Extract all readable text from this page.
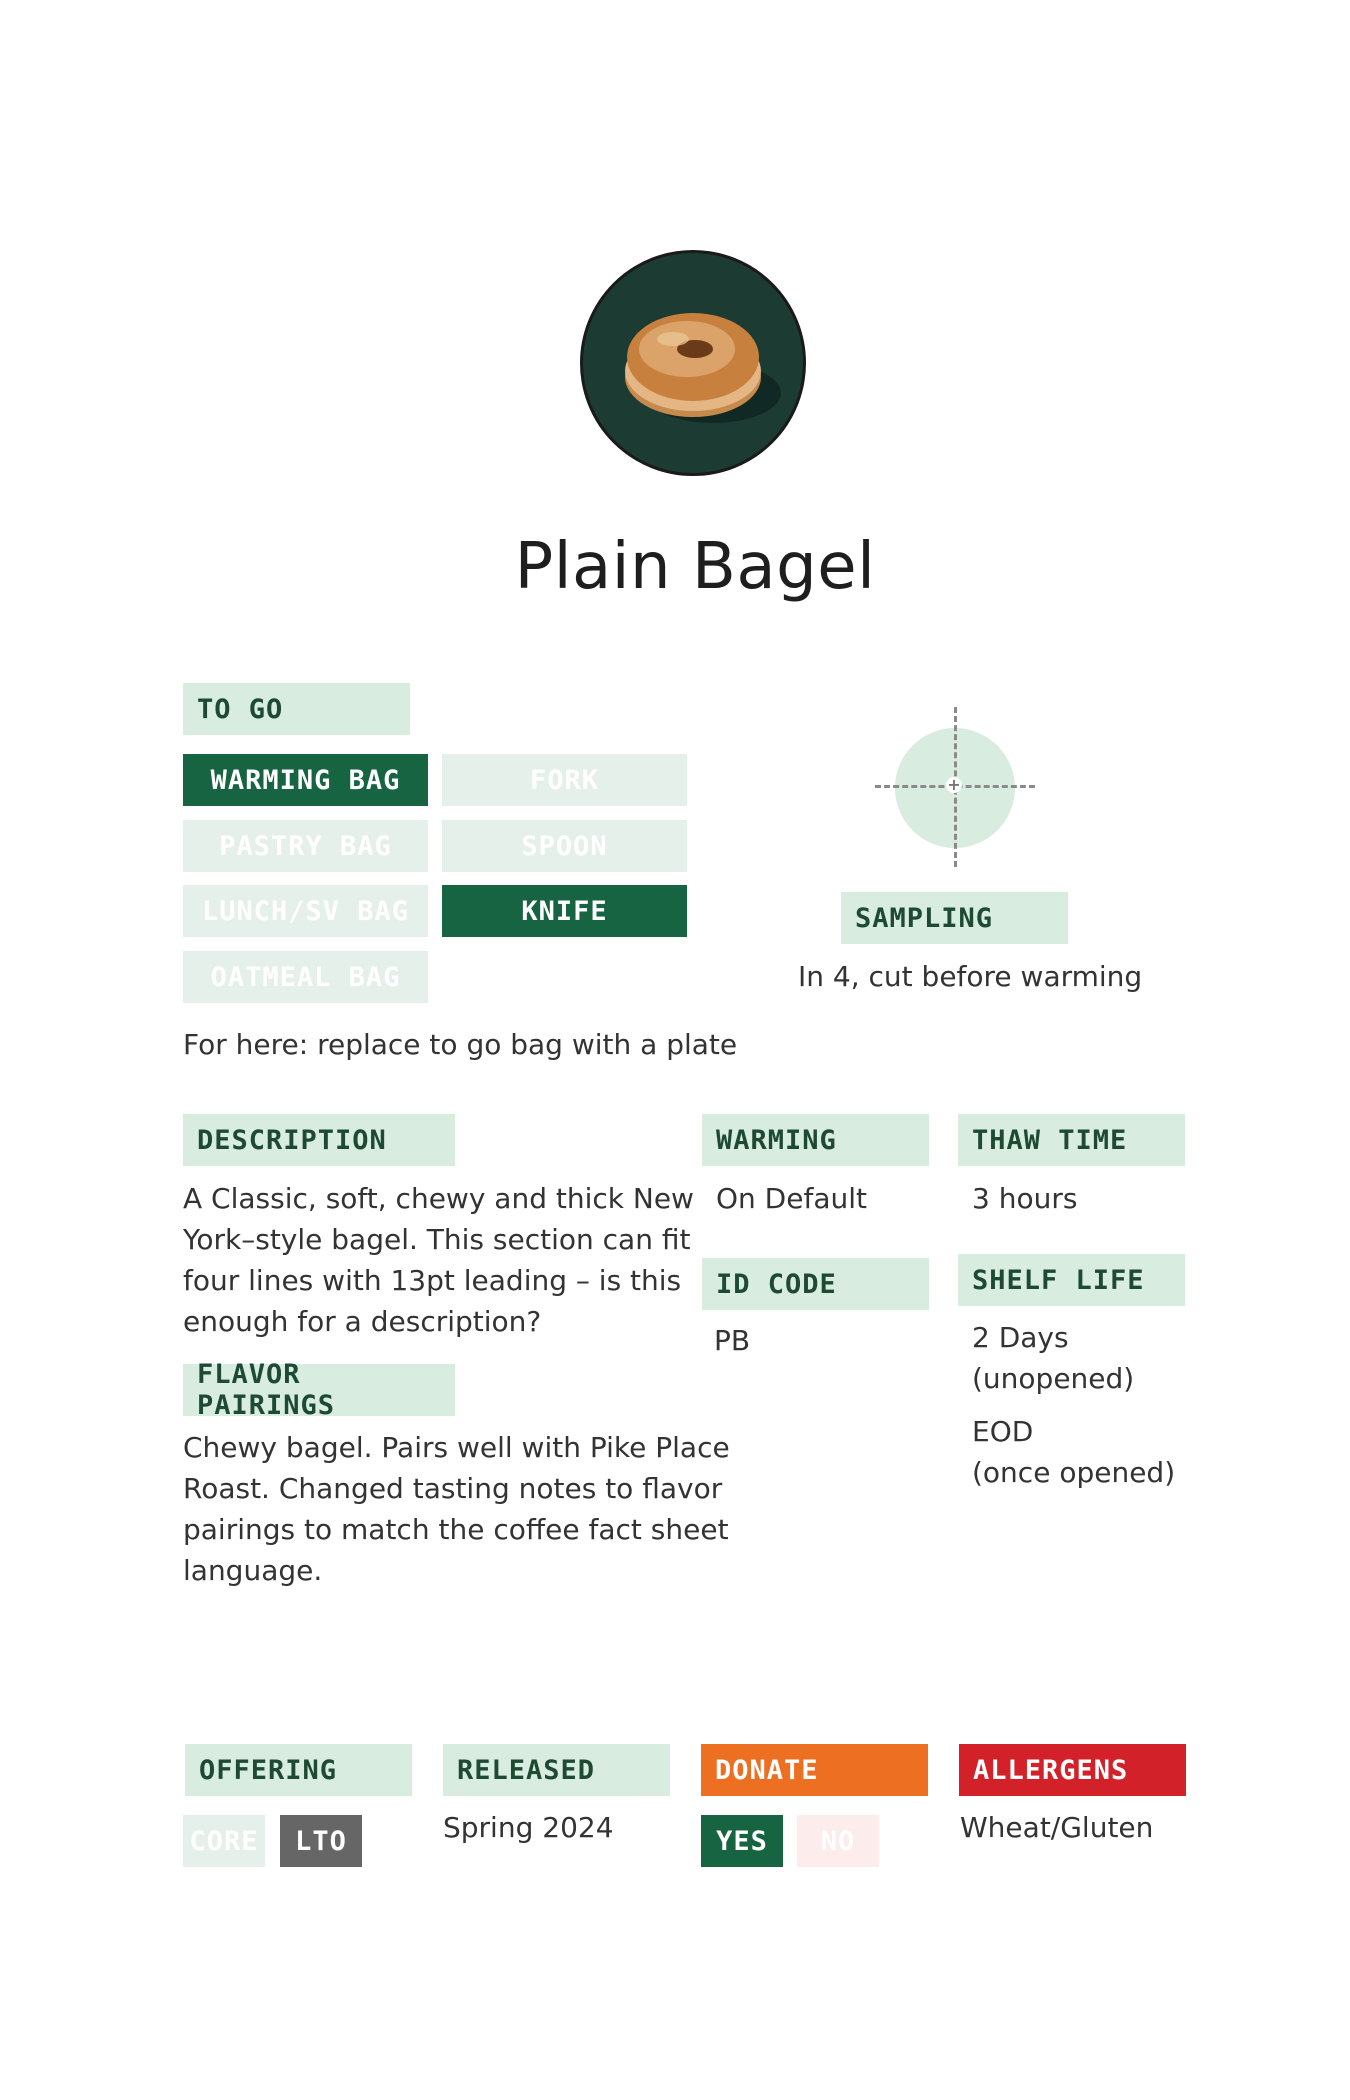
Plain Bagel
TO GO
WARMING BAG	FORK
PASTRY BAG	SPOON
LUNCH/SV BAG	KNIFE
OATMEAL BAG
For here: replace to go bag with a plate
+
SAMPLING
In 4, cut before warming
DESCRIPTION
A Classic, soft, chewy and thick New
York–style bagel. This section can fit
four lines with 13pt leading – is this
enough for a description?
FLAVOR PAIRINGS
Chewy bagel. Pairs well with Pike Place
Roast. Changed tasting notes to flavor
pairings to match the coffee fact sheet
language.
WARMING
On Default
THAW TIME
3 hours
ID CODE
PB
SHELF LIFE
2 Days
(unopened)
EOD
(once opened)
OFFERING
CORE	LTO
RELEASED
Spring 2024
DONATE
YES	NO
ALLERGENS
Wheat/Gluten
